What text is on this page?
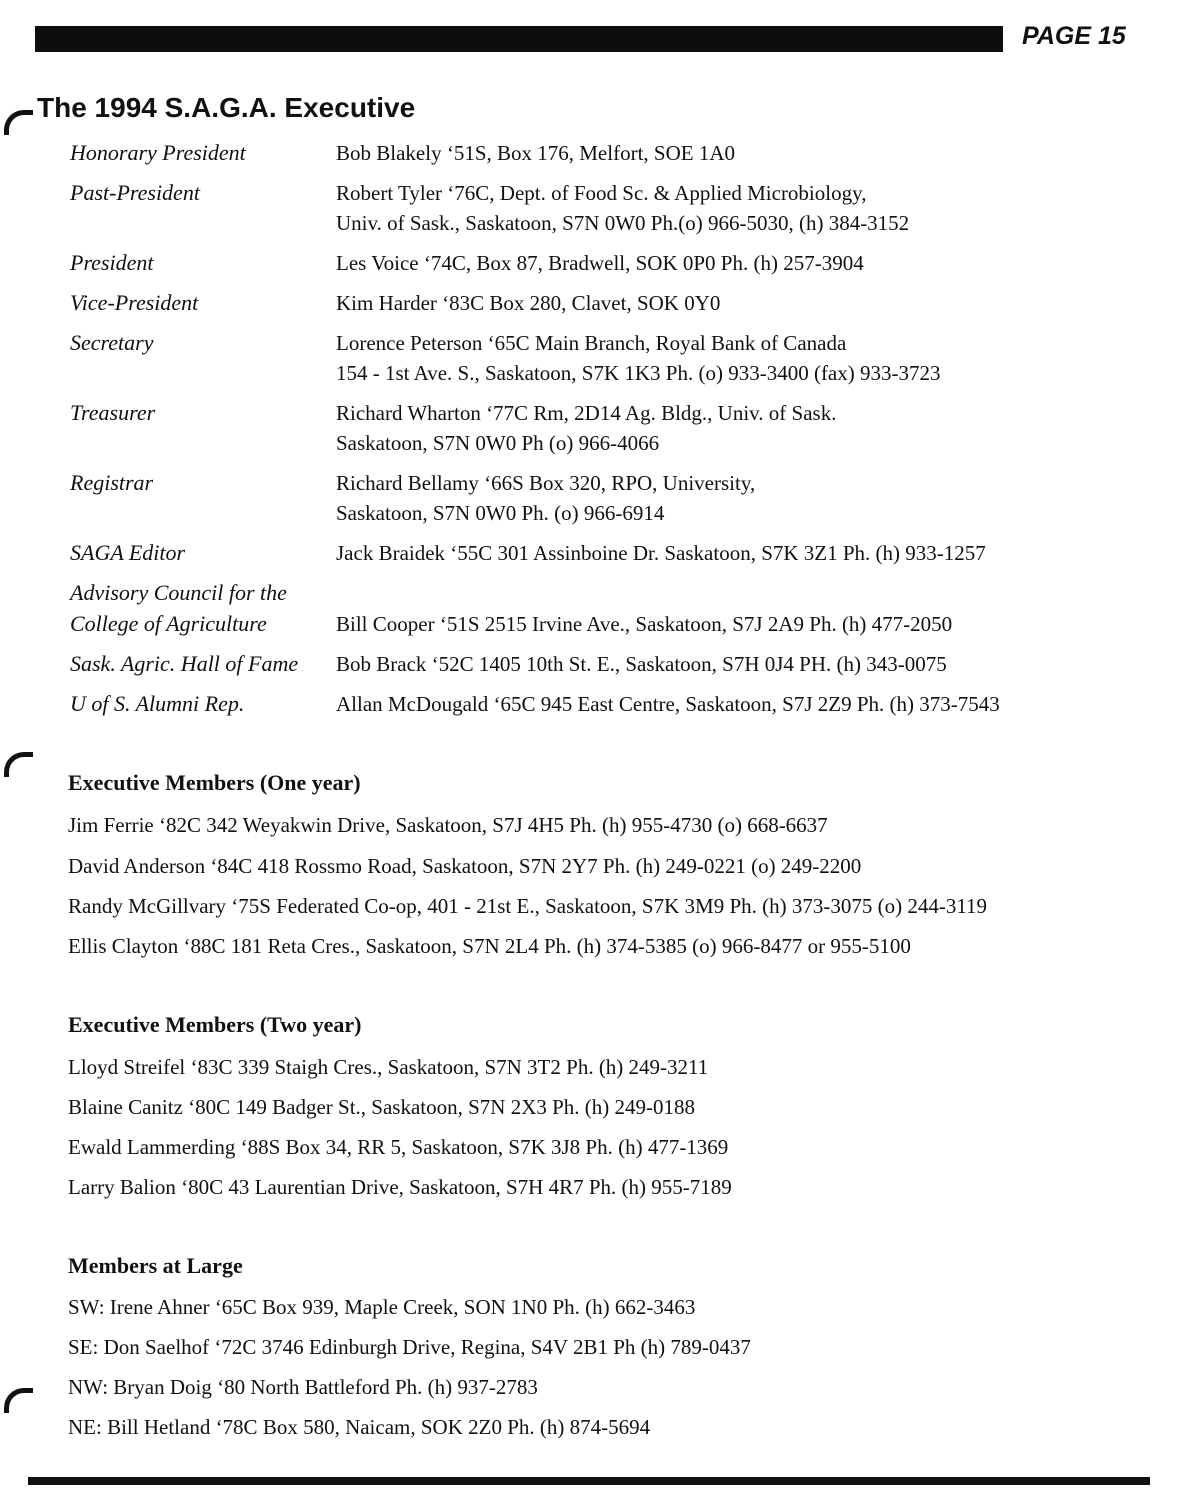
PAGE 15
The 1994 S.A.G.A. Executive
Honorary President	Bob Blakely ‘51S, Box 176, Melfort, SOE 1A0
Past-President	Robert Tyler ‘76C, Dept. of Food Sc. & Applied Microbiology,
Univ. of Sask., Saskatoon, S7N 0W0 Ph.(o) 966-5030, (h) 384-3152
President	Les Voice ‘74C, Box 87, Bradwell, SOK 0P0 Ph. (h) 257-3904
Vice-President	Kim Harder ‘83C Box 280, Clavet, SOK 0Y0
Secretary	Lorence Peterson ‘65C Main Branch, Royal Bank of Canada
154 - 1st Ave. S., Saskatoon, S7K 1K3 Ph. (o) 933-3400 (fax) 933-3723
Treasurer	Richard Wharton ‘77C Rm, 2D14 Ag. Bldg., Univ. of Sask.
Saskatoon, S7N 0W0 Ph (o) 966-4066
Registrar	Richard Bellamy ‘66S Box 320, RPO, University,
Saskatoon, S7N 0W0 Ph. (o) 966-6914
SAGA Editor	Jack Braidek ‘55C 301 Assinboine Dr. Saskatoon, S7K 3Z1 Ph. (h) 933-1257
Advisory Council for the
College of Agriculture	Bill Cooper ‘51S 2515 Irvine Ave., Saskatoon, S7J 2A9 Ph. (h) 477-2050
Sask. Agric. Hall of Fame Bob Brack ‘52C 1405 10th St. E., Saskatoon, S7H 0J4 PH. (h) 343-0075
U of S. Alumni Rep.	Allan McDougald ‘65C 945 East Centre, Saskatoon, S7J 2Z9 Ph. (h) 373-7543
Executive Members (One year)
Jim Ferrie ‘82C 342 Weyakwin Drive, Saskatoon, S7J 4H5 Ph. (h) 955-4730 (o) 668-6637
David Anderson ‘84C 418 Rossmo Road, Saskatoon, S7N 2Y7 Ph. (h) 249-0221 (o) 249-2200
Randy McGillvary ‘75S Federated Co-op, 401 - 21st E., Saskatoon, S7K 3M9 Ph. (h) 373-3075 (o) 244-3119
Ellis Clayton ‘88C 181 Reta Cres., Saskatoon, S7N 2L4 Ph. (h) 374-5385 (o) 966-8477 or 955-5100
Executive Members (Two year)
Lloyd Streifel ‘83C 339 Staigh Cres., Saskatoon, S7N 3T2 Ph. (h) 249-3211
Blaine Canitz ‘80C 149 Badger St., Saskatoon, S7N 2X3 Ph. (h) 249-0188
Ewald Lammerding ‘88S Box 34, RR 5, Saskatoon, S7K 3J8 Ph. (h) 477-1369
Larry Balion ‘80C 43 Laurentian Drive, Saskatoon, S7H 4R7 Ph. (h) 955-7189
Members at Large
SW: Irene Ahner ‘65C Box 939, Maple Creek, SON 1N0 Ph. (h) 662-3463
SE: Don Saelhof ‘72C 3746 Edinburgh Drive, Regina, S4V 2B1 Ph (h) 789-0437
NW: Bryan Doig ‘80 North Battleford Ph. (h) 937-2783
NE: Bill Hetland ‘78C Box 580, Naicam, SOK 2Z0 Ph. (h) 874-5694
